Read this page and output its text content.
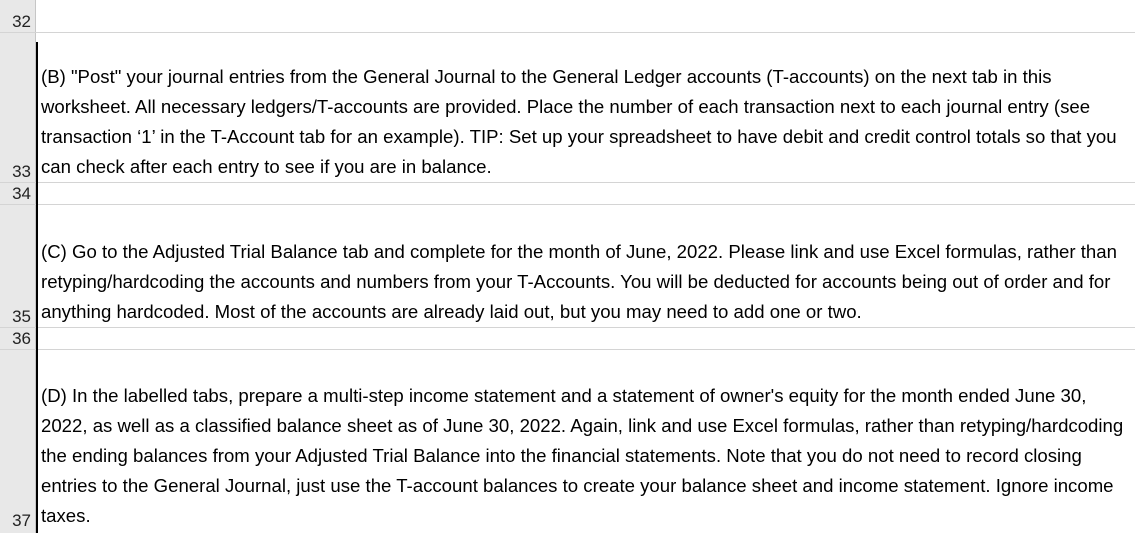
32
33
(B) "Post" your journal entries from the General Journal to the General Ledger accounts (T-accounts) on the next tab in this worksheet. All necessary ledgers/T-accounts are provided. Place the number of each transaction next to each journal entry (see transaction ‘1’ in the T-Account tab for an example). TIP: Set up your spreadsheet to have debit and credit control totals so that you can check after each entry to see if you are in balance.
34
35
(C) Go to the Adjusted Trial Balance tab and complete for the month of June, 2022. Please link and use Excel formulas, rather than retyping/hardcoding the accounts and numbers from your T-Accounts. You will be deducted for accounts being out of order and for anything hardcoded. Most of the accounts are already laid out, but you may need to add one or two.
36
37
(D) In the labelled tabs, prepare a multi-step income statement and a statement of owner's equity for the month ended June 30, 2022, as well as a classified balance sheet as of June 30, 2022. Again, link and use Excel formulas, rather than retyping/hardcoding the ending balances from your Adjusted Trial Balance into the financial statements. Note that you do not need to record closing entries to the General Journal, just use the T-account balances to create your balance sheet and income statement. Ignore income taxes.
